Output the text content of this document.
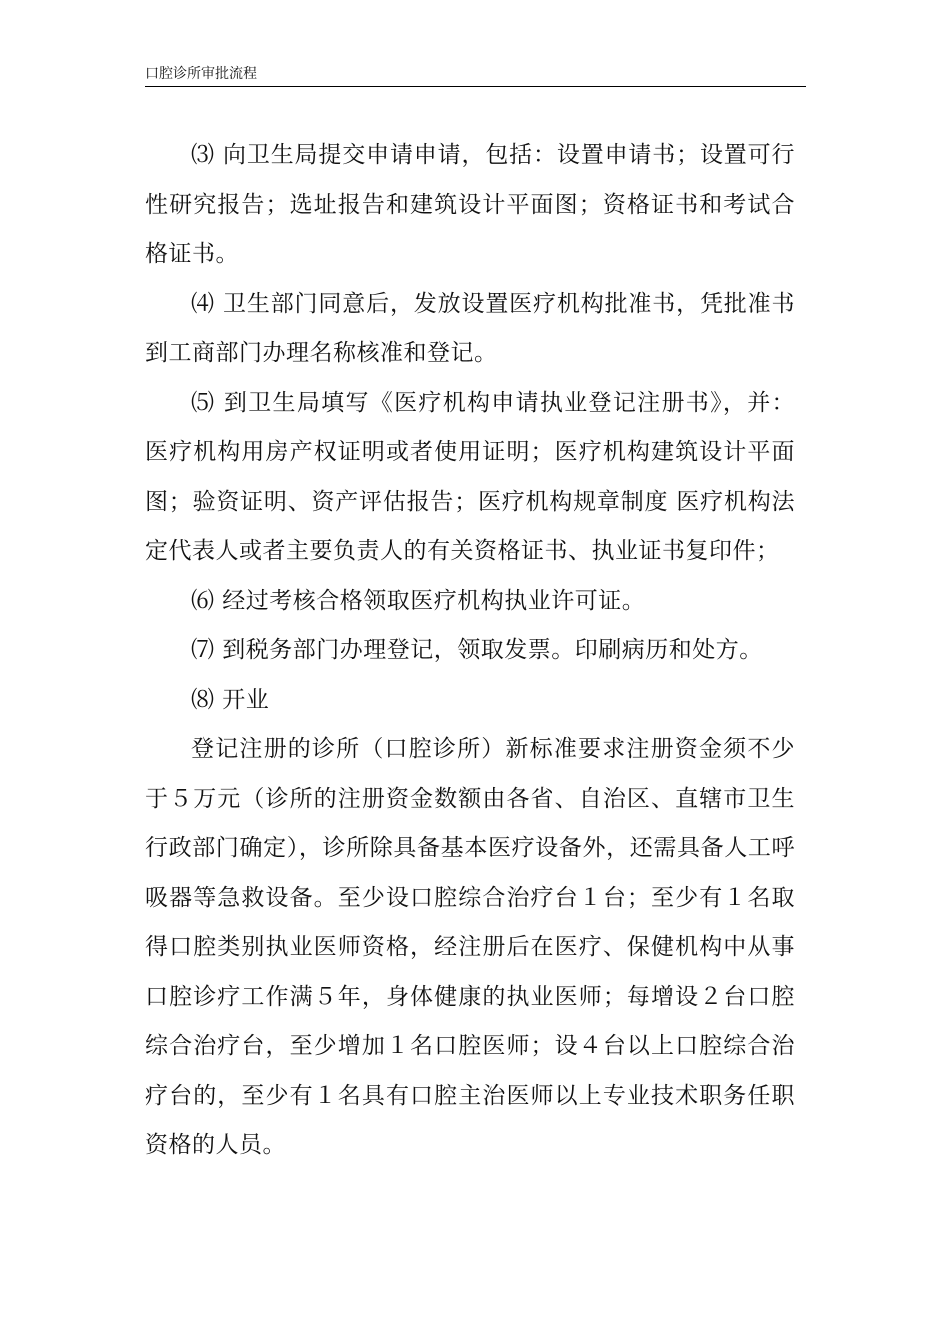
口腔诊所审批流程

⑶ 向卫生局提交申请申请，包括：设置申请书；设置可行性研究报告；选址报告和建筑设计平面图；资格证书和考试合格证书。

⑷ 卫生部门同意后，发放设置医疗机构批准书，凭批准书到工商部门办理名称核准和登记。

⑸ 到卫生局填写《医疗机构申请执业登记注册书》，并：医疗机构用房产权证明或者使用证明；医疗机构建筑设计平面图；验资证明、资产评估报告；医疗机构规章制度 医疗机构法定代表人或者主要负责人的有关资格证书、执业证书复印件；

⑹ 经过考核合格领取医疗机构执业许可证。

⑺ 到税务部门办理登记，领取发票。印刷病历和处方。

⑻ 开业

登记注册的诊所（口腔诊所）新标准要求注册资金须不少于５万元（诊所的注册资金数额由各省、自治区、直辖市卫生行政部门确定），诊所除具备基本医疗设备外，还需具备人工呼吸器等急救设备。至少设口腔综合治疗台１台；至少有１名取得口腔类别执业医师资格，经注册后在医疗、保健机构中从事口腔诊疗工作满５年，身体健康的执业医师；每增设２台口腔综合治疗台，至少增加１名口腔医师；设４台以上口腔综合治疗台的，至少有１名具有口腔主治医师以上专业技术职务任职资格的人员。
